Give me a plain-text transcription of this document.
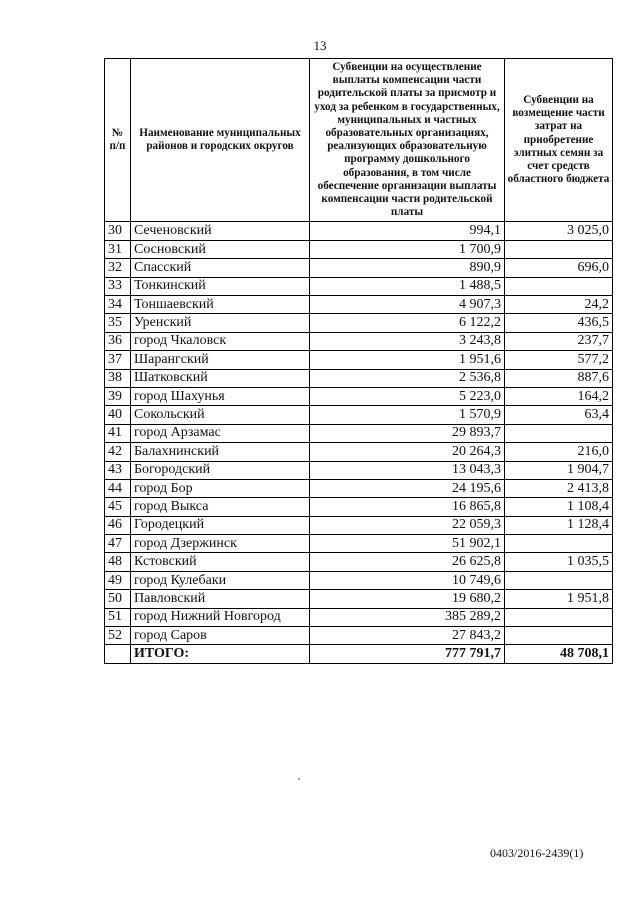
13
№ п/п	Наименование муниципальных районов и городских округов	Субвенции на осуществление выплаты компенсации части родительской платы за присмотр и уход за ребенком в государственных, муниципальных и частных образовательных организациях, реализующих образовательную программу дошкольного образования, в том числе обеспечение организации выплаты компенсации части родительской платы	Субвенции на возмещение части затрат на приобретение элитных семян за счет средств областного бюджета
30	Сеченовский	994,1	3 025,0
31	Сосновский	1 700,9	
32	Спасский	890,9	696,0
33	Тонкинский	1 488,5	
34	Тоншаевский	4 907,3	24,2
35	Уренский	6 122,2	436,5
36	город Чкаловск	3 243,8	237,7
37	Шарангский	1 951,6	577,2
38	Шатковский	2 536,8	887,6
39	город Шахунья	5 223,0	164,2
40	Сокольский	1 570,9	63,4
41	город Арзамас	29 893,7	
42	Балахнинский	20 264,3	216,0
43	Богородский	13 043,3	1 904,7
44	город Бор	24 195,6	2 413,8
45	город Выкса	16 865,8	1 108,4
46	Городецкий	22 059,3	1 128,4
47	город Дзержинск	51 902,1	
48	Кстовский	26 625,8	1 035,5
49	город Кулебаки	10 749,6	
50	Павловский	19 680,2	1 951,8
51	город Нижний Новгород	385 289,2	
52	город Саров	27 843,2	
	ИТОГО:	777 791,7	48 708,1
0403/2016-2439(1)
